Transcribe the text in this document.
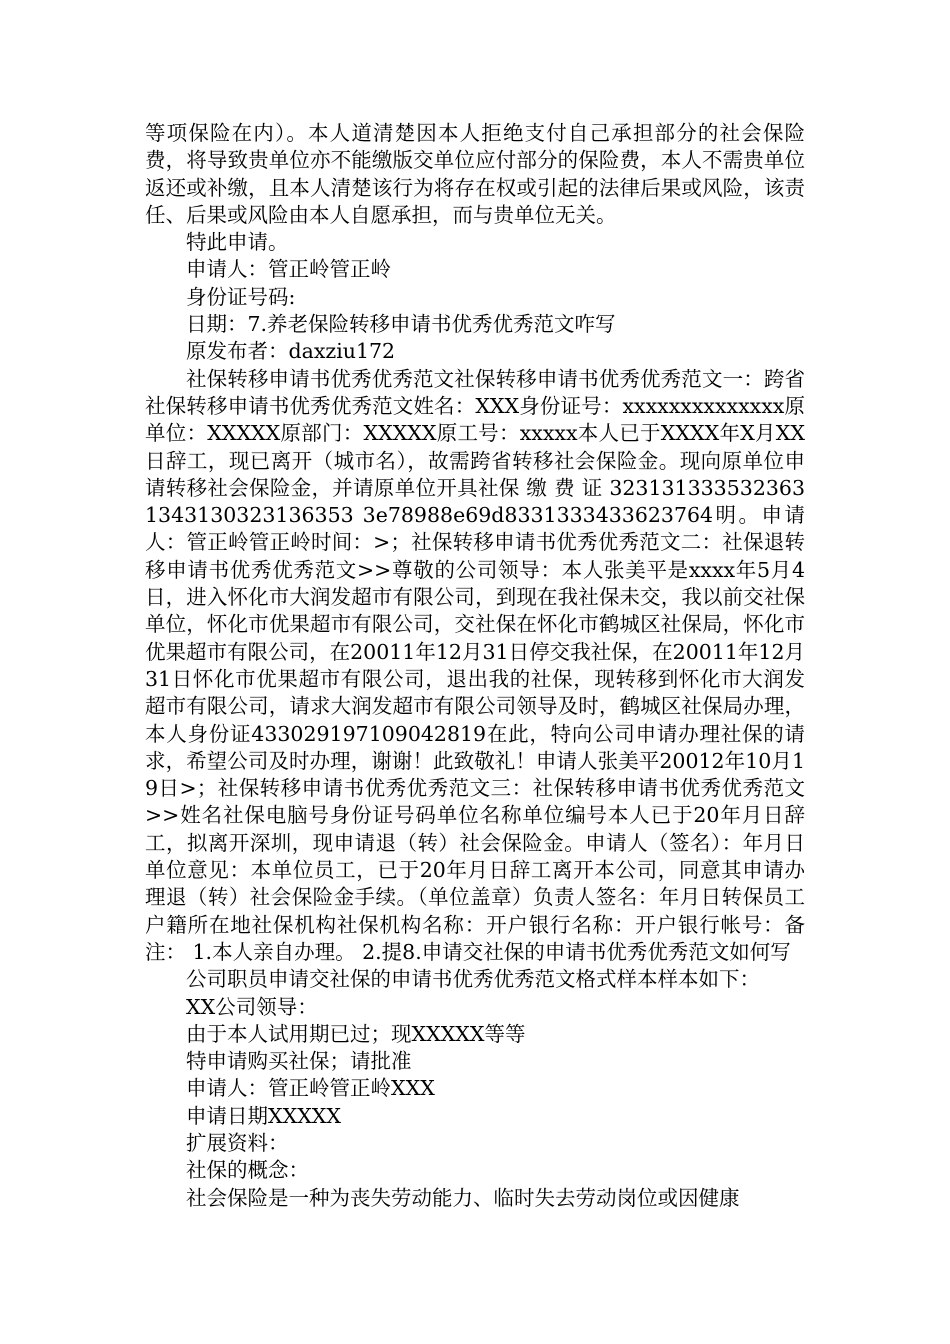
等项保险在内）。本人道清楚因本人拒绝支付自己承担部分的社会保险费，将导致贵单位亦不能缴版交单位应付部分的保险费，本人不需贵单位返还或补缴，且本人清楚该行为将存在权或引起的法律后果或风险，该责任、后果或风险由本人自愿承担，而与贵单位无关。

特此申请。

申请人：管正岭管正岭

身份证号码:

日期：7.养老保险转移申请书优秀优秀范文咋写

原发布者：daxziu172

社保转移申请书优秀优秀范文社保转移申请书优秀优秀范文一：跨省社保转移申请书优秀优秀范文姓名：XXX身份证号：xxxxxxxxxxxxxx原单位：XXXXX原部门：XXXXX原工号：xxxxx本人已于XXXX年X月XX日辞工，现已离开（城市名），故需跨省转移社会保险金。现向原单位申请转移社会保险金，并请原单位开具社保 缴 费 证 3231313335323631343130323136353 3e78988e69d8331333433623764明。申请人：管正岭管正岭时间：>；社保转移申请书优秀优秀范文二：社保退转移申请书优秀优秀范文>>尊敬的公司领导：本人张美平是xxxx年5月4日，进入怀化市大润发超市有限公司，到现在我社保未交，我以前交社保单位，怀化市优果超市有限公司，交社保在怀化市鹤城区社保局，怀化市优果超市有限公司，在20011年12月31日停交我社保，在20011年12月31日怀化市优果超市有限公司，退出我的社保，现转移到怀化市大润发超市有限公司，请求大润发超市有限公司领导及时，鹤城区社保局办理，本人身份证433029197109042819在此，特向公司申请办理社保的请求，希望公司及时办理，谢谢！此致敬礼！申请人张美平20012年10月19日>；社保转移申请书优秀优秀范文三：社保转移申请书优秀优秀范文>>姓名社保电脑号身份证号码单位名称单位编号本人已于20年月日辞工，拟离开深圳，现申请退（转）社会保险金。申请人（签名）：年月日单位意见：本单位员工，已于20年月日辞工离开本公司，同意其申请办理退（转）社会保险金手续。（单位盖章）负责人签名：年月日转保员工户籍所在地社保机构社保机构名称：开户银行名称：开户银行帐号：备注： 1.本人亲自办理。 2.提8.申请交社保的申请书优秀优秀范文如何写

公司职员申请交社保的申请书优秀优秀范文格式样本样本如下：

XX公司领导：

由于本人试用期已过；现XXXXX等等

特申请购买社保；请批准

申请人：管正岭管正岭XXX

申请日期XXXXX

扩展资料：

社保的概念：

社会保险是一种为丧失劳动能力、临时失去劳动岗位或因健康
